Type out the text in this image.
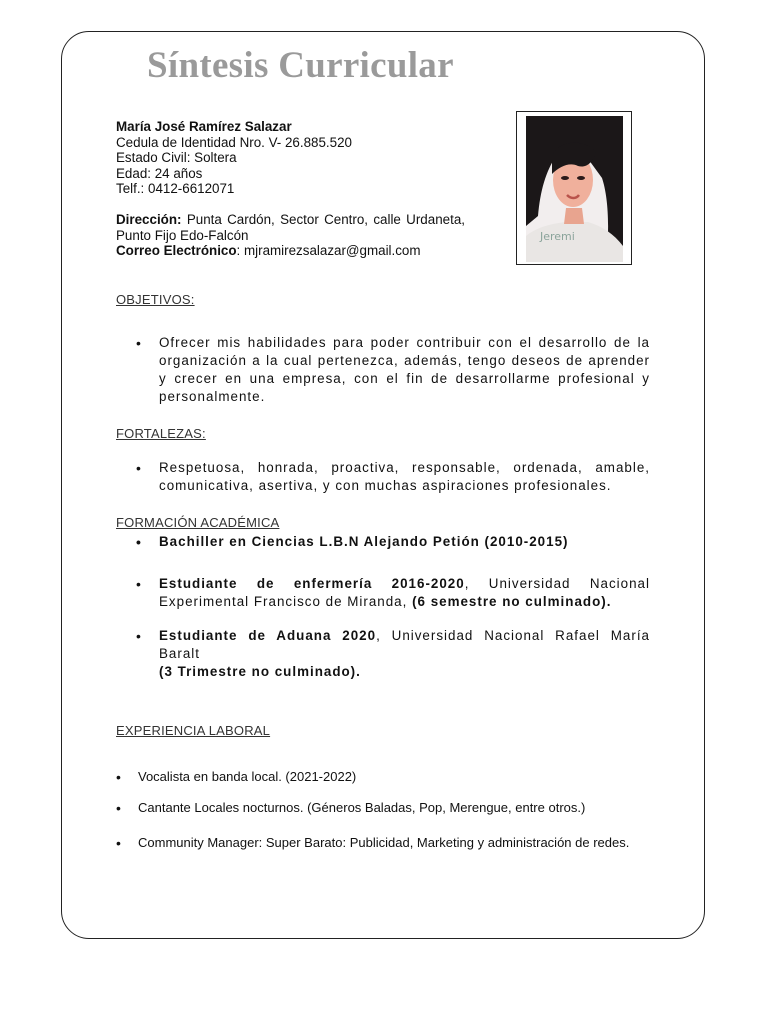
Síntesis Curricular
María José Ramírez Salazar
Cedula de Identidad Nro. V- 26.885.520
Estado Civil: Soltera
Edad: 24 años
Telf.: 0412-6612071
Dirección: Punta Cardón, Sector Centro, calle Urdaneta,
Punto Fijo Edo-Falcón
Correo Electrónico: mjramirezsalazar@gmail.com
Jeremi
OBJETIVOS:
• Ofrecer mis habilidades para poder contribuir con el desarrollo de la organización a la cual pertenezca, además, tengo deseos de aprender y crecer en una empresa, con el fin de desarrollarme profesional y personalmente.
FORTALEZAS:
• Respetuosa, honrada, proactiva, responsable, ordenada, amable, comunicativa, asertiva, y con muchas aspiraciones profesionales.
FORMACIÓN ACADÉMICA
• Bachiller en Ciencias L.B.N Alejando Petión (2010-2015)
• Estudiante de enfermería 2016-2020, Universidad Nacional
Experimental Francisco de Miranda, (6 semestre no culminado).
• Estudiante de Aduana 2020, Universidad Nacional Rafael María Baralt
(3 Trimestre no culminado).
EXPERIENCIA LABORAL
• Vocalista en banda local. (2021-2022)
• Cantante Locales nocturnos. (Géneros Baladas, Pop, Merengue, entre otros.)
• Community Manager: Super Barato: Publicidad, Marketing y administración de redes.
